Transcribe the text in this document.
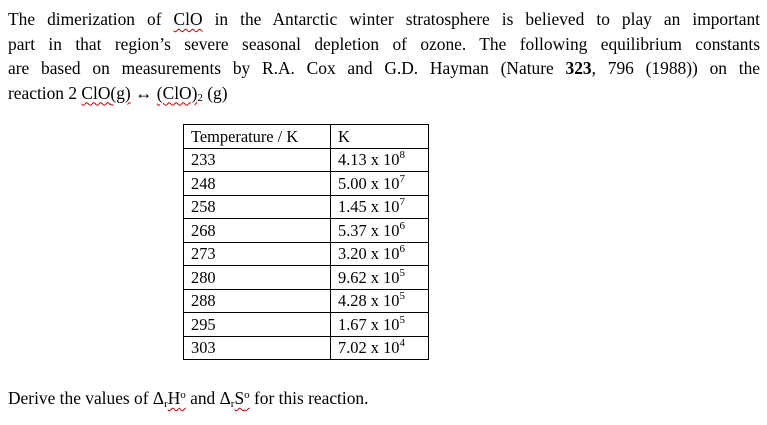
The dimerization of ClO in the Antarctic winter stratosphere is believed to play an important
part in that region’s severe seasonal depletion of ozone. The following equilibrium constants
are based on measurements by R.A. Cox and G.D. Hayman (Nature 323, 796 (1988)) on the
reaction 2 ClO(g) ↔ $(ClO)_2$ (g)
Temperature / K	K
233	4.13 x $10^8$
248	5.00 x $10^7$
258	1.45 x $10^7$
268	5.37 x $10^6$
273	3.20 x $10^6$
280	9.62 x $10^5$
288	4.28 x $10^5$
295	1.67 x $10^5$
303	7.02 x $10^4$

Derive the values of ΔrH$^o$ and ΔrS$^o$ for this reaction.
